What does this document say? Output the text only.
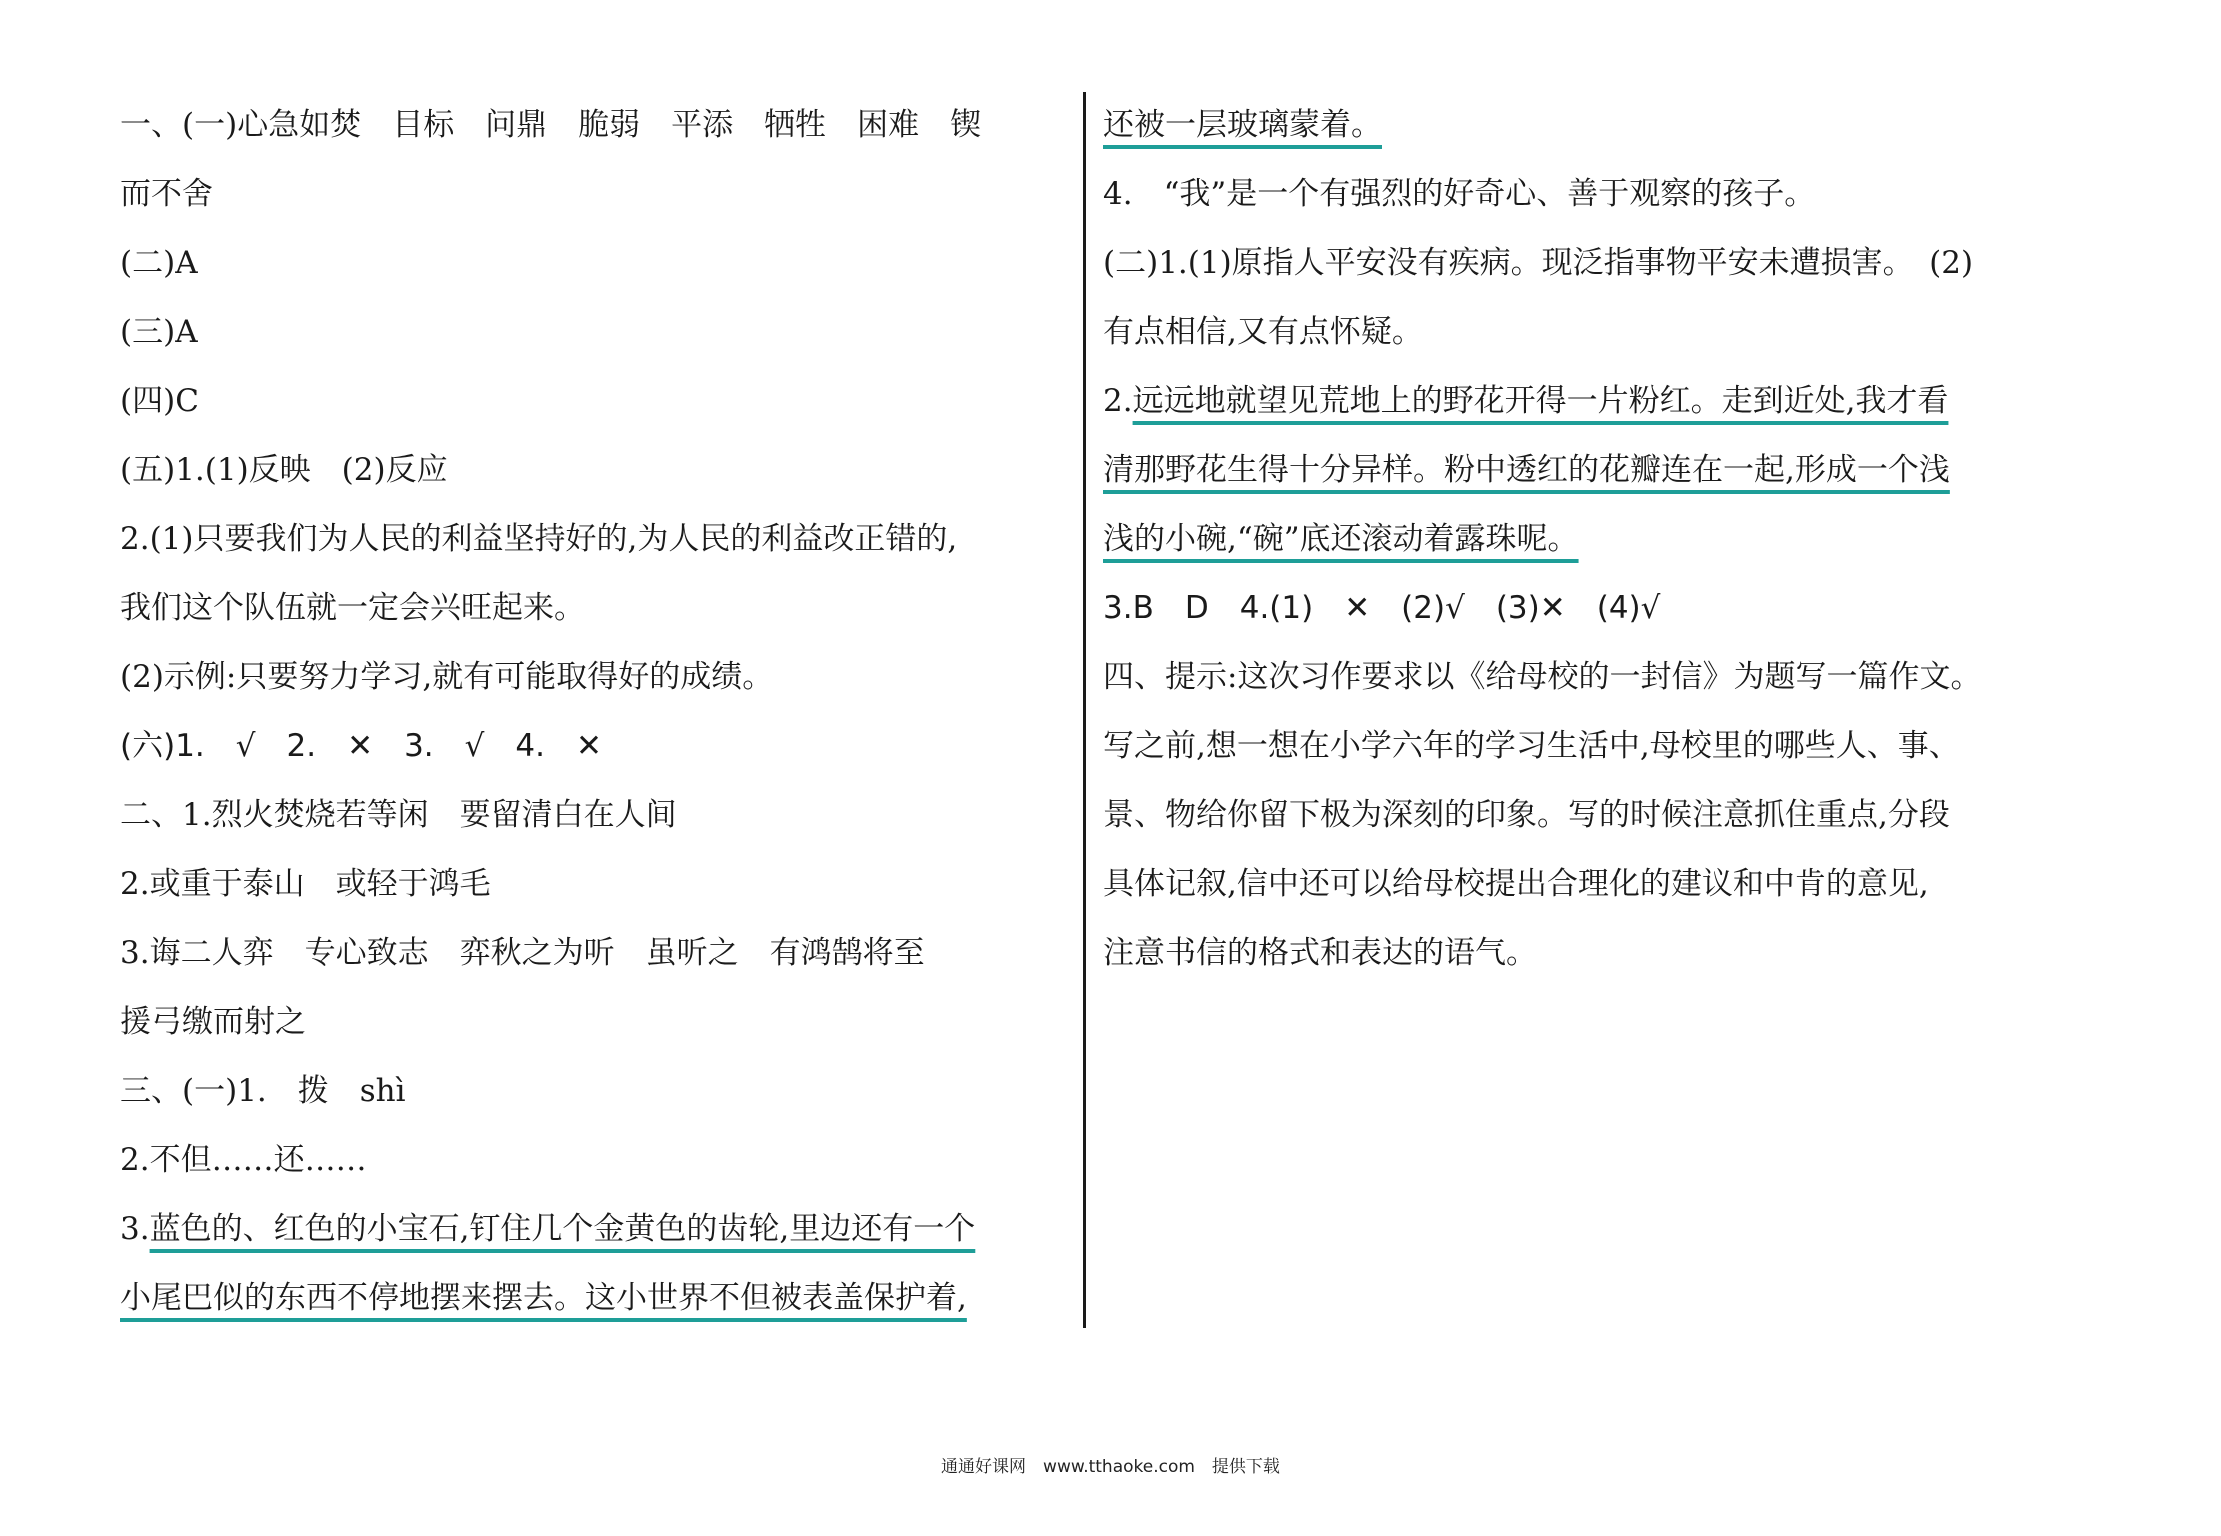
一、(一)心急如焚　目标　问鼎　脆弱　平添　牺牲　困难　锲
而不舍
(二)A
(三)A
(四)C
(五)1.(1)反映　(2)反应
2.(1)只要我们为人民的利益坚持好的,为人民的利益改正错的,
我们这个队伍就一定会兴旺起来。
(2)示例:只要努力学习,就有可能取得好的成绩。
(六)1.　√　2.　✕　3.　√　4.　✕
二、1.烈火焚烧若等闲　要留清白在人间
2.或重于泰山　或轻于鸿毛
3.诲二人弈　专心致志　弈秋之为听　虽听之　有鸿鹄将至
援弓缴而射之
三、(一)1.　拨　shì
2.不但……还……
3.蓝色的、红色的小宝石,钉住几个金黄色的齿轮,里边还有一个
小尾巴似的东西不停地摆来摆去。这小世界不但被表盖保护着,
还被一层玻璃蒙着。
4.　“我”是一个有强烈的好奇心、善于观察的孩子。
(二)1.(1)原指人平安没有疾病。现泛指事物平安未遭损害。　(2)
有点相信,又有点怀疑。
2.远远地就望见荒地上的野花开得一片粉红。走到近处,我才看
清那野花生得十分异样。粉中透红的花瓣连在一起,形成一个浅
浅的小碗,“碗”底还滚动着露珠呢。
3.B　D　4.(1)　✕　(2)√　(3)✕　(4)√
四、提示:这次习作要求以《给母校的一封信》为题写一篇作文。
写之前,想一想在小学六年的学习生活中,母校里的哪些人、事、
景、物给你留下极为深刻的印象。写的时候注意抓住重点,分段
具体记叙,信中还可以给母校提出合理化的建议和中肯的意见,
注意书信的格式和表达的语气。
通通好课网　www.tthaoke.com　提供下载
